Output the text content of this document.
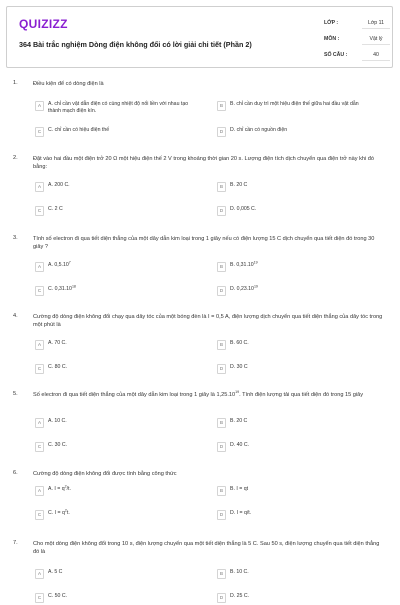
QUIZIZZ
364 Bài trắc nghiệm Dòng điện không đổi có lời giải chi tiết (Phần 2)
LỚP :	Lớp 11
MÔN :	Vật lý
SỐ CÂU :	40
1.	Điều kiện để có dòng điện là
A	A. chỉ cần vật dẫn điện có cùng nhiệt độ nối liền với nhau tạo thành mạch điện kín.
B	B. chỉ cần duy trì một hiệu điện thế giữa hai đầu vật dẫn
C	C. chỉ cần có hiệu điện thế	D	D. chỉ cần có nguồn điện
2.	Đặt vào hai đầu một điện trở 20 Ω một hiệu điện thế 2 V trong khoảng thời gian 20 s. Lượng điện tích dịch chuyển qua điện trở này khi đó bằng:
A	A. 200 C.	B	B. 20 C
C	C. 2 C	D	D. 0,005 C.
3.	Tính số electron đi qua tiết diện thẳng của một dây dẫn kim loại trong 1 giây nếu có điện lượng 15 C dịch chuyển qua tiết diện đó trong 30 giây ?
A	A. 0,5.10$^7$
B	B. 0,31.10$^{19}$
C	C. 0,31.10$^{18}$
D	D. 0,23.10$^{19}$
4.	Cường độ dòng điện không đổi chạy qua dây tóc của một bóng đèn là I = 0,5 A, điện lượng dịch chuyển qua tiết diện thẳng của dây tóc trong một phút là
A	A. 70 C.	B	B. 60 C.
C	C. 80 C.	D	D. 30 C
5.	Số electron đi qua tiết diện thẳng của một dây dẫn kim loại trong 1 giây là 1,25.10$^{19}$. Tính điện lượng tải qua tiết diện đó trong 15 giây
A	A. 10 C.	B	B. 20 C
C	C. 30 C.	D	D. 40 C.
6.	Cường độ dòng điện không đổi được tính bằng công thức
A	A. $I = q^2/t$.	B	B. I = qt
C	C. $I = q^2t$.	D	D. I = q/t.
7.	Cho một dòng điện không đổi trong 10 s, điện lượng chuyển qua một tiết diện thẳng là 5 C. Sau 50 s, điện lượng chuyển qua tiết diện thẳng đó là
A	A. 5 C	B	B. 10 C.
C	C. 50 C.	D	D. 25 C.
